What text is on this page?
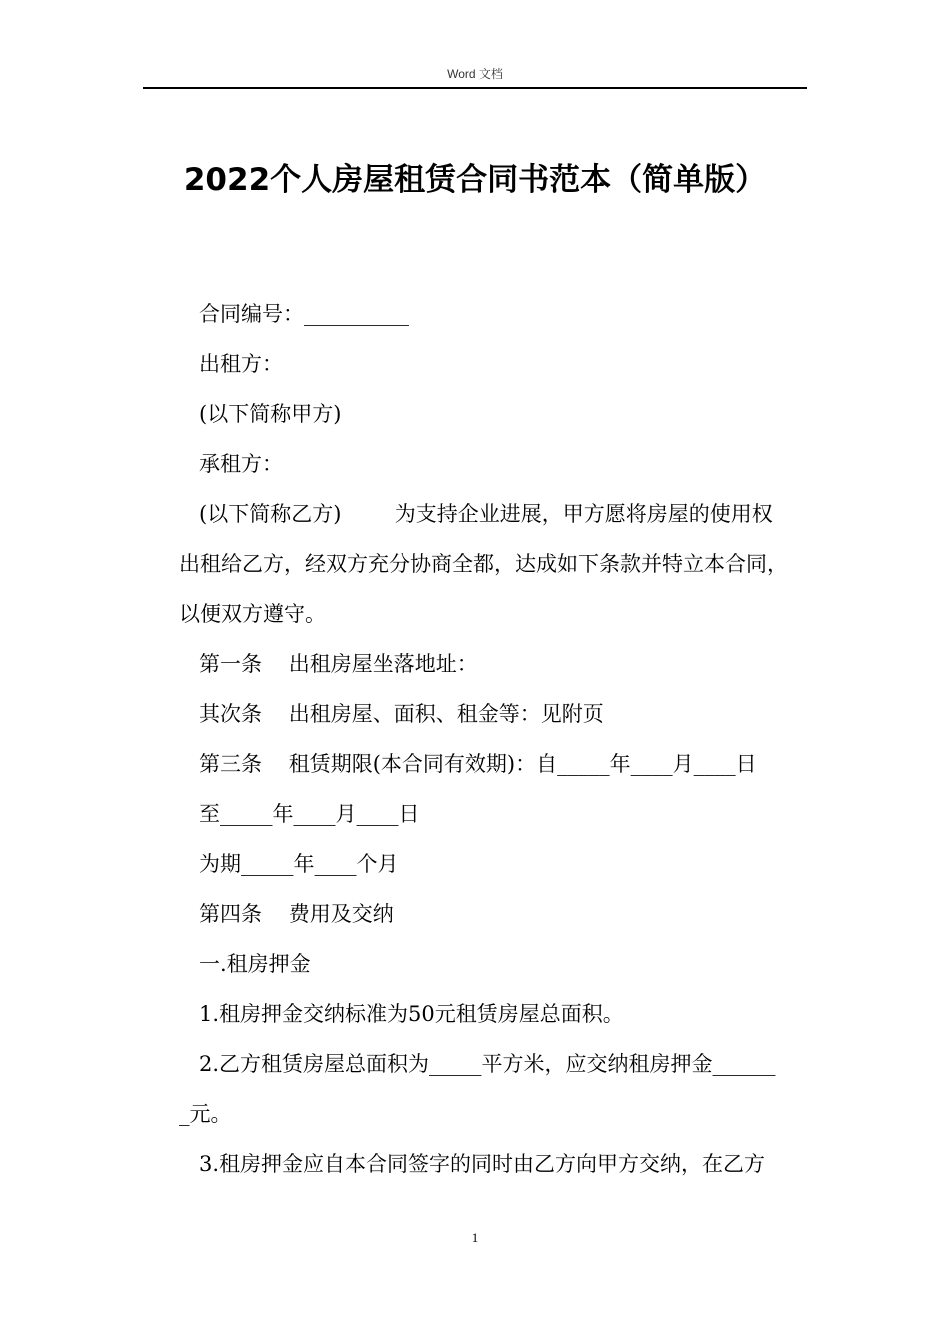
Word 文档
2022个人房屋租赁合同书范本（简单版）

合同编号：__________

出租方：

(以下简称甲方)

承租方：

(以下简称乙方)        为支持企业进展，甲方愿将房屋的使用权

出租给乙方，经双方充分协商全都，达成如下条款并特立本合同，

以便双方遵守。

第一条    出租房屋坐落地址：

其次条    出租房屋、面积、租金等：见附页

第三条    租赁期限(本合同有效期)：自_____年____月____日

至_____年____月____日

为期_____年____个月

第四条    费用及交纳

一.租房押金

1.租房押金交纳标准为50元租赁房屋总面积。

2.乙方租赁房屋总面积为_____平方米，应交纳租房押金______

_元。

3.租房押金应自本合同签字的同时由乙方向甲方交纳，在乙方

1
